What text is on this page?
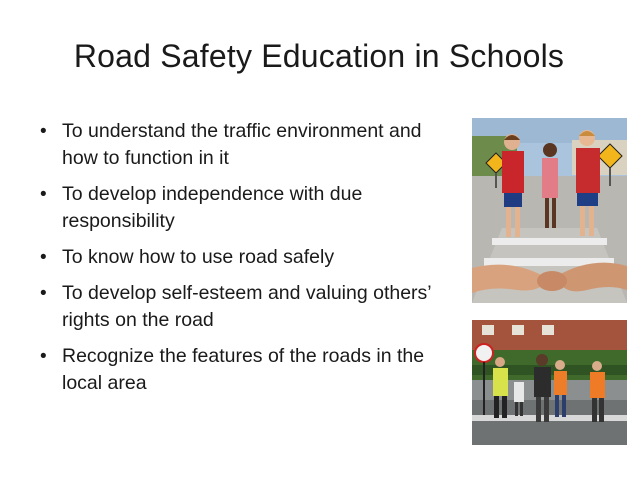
Road Safety Education in Schools
• To understand the traffic environment and how to function in it
• To develop independence with due responsibility
• To know how to use road safely
• To develop self-esteem and valuing others’ rights on the road
• Recognize the features of the roads in the local area
